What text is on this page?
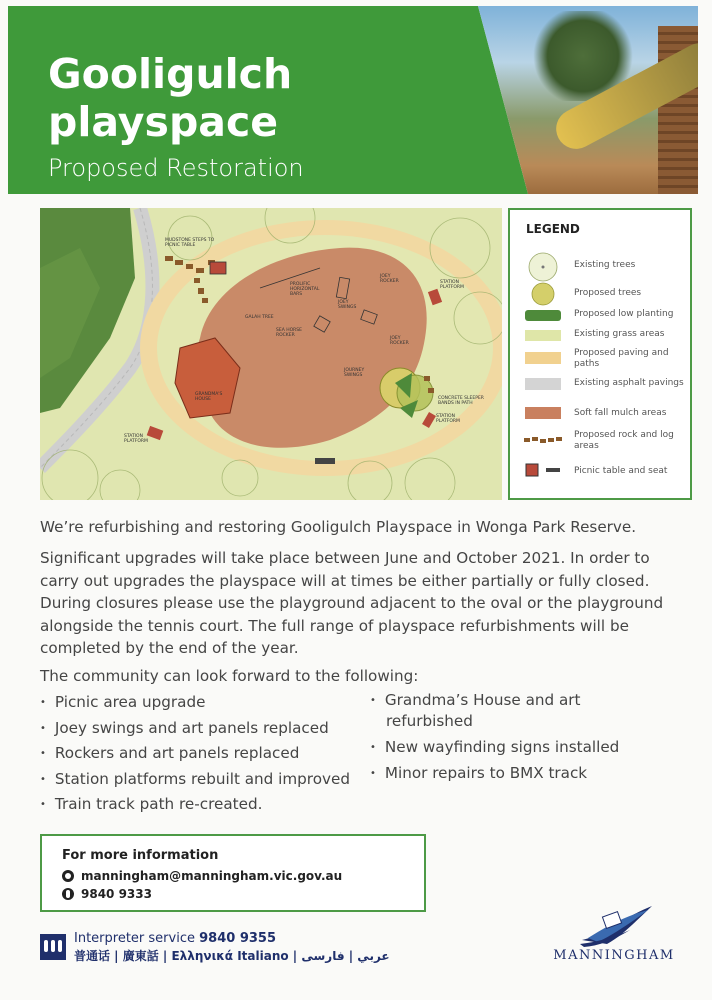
Gooligulch
playspace
Proposed Restoration
MUDSTONE STEPS TO PICNIC TABLE
PROLIFIC HORIZONTAL BARS
JOEY ROCKER	STATION PLATFORM
JOEY SWINGS
GALAH TREE
SEA HORSE ROCKER
JOEY ROCKER
JOURNEY SWINGS
GRANDMA'S HOUSE	CONCRETE SLEEPER BANDS IN PATH
STATION PLATFORM
STATION PLATFORM
LEGEND
Existing trees
Proposed trees
Proposed low planting
Existing grass areas
Proposed paving and paths
Existing asphalt pavings
Soft fall mulch areas
Proposed rock and log areas
Picnic table and seat
We’re refurbishing and restoring Gooligulch Playspace in Wonga Park Reserve.
Significant upgrades will take place between June and October 2021. In order to carry out upgrades the playspace will at times be either partially or fully closed. During closures please use the playground adjacent to the oval or the playground alongside the tennis court. The full range of playspace refurbishments will be completed by the end of the year.
The community can look forward to the following:
• Picnic area upgrade
• Joey swings and art panels replaced
• Rockers and art panels replaced
• Station platforms rebuilt and improved
• Train track path re-created.
• Grandma’s House and art
refurbished
• New wayfinding signs installed
• Minor repairs to BMX track
For more information
manningham@manningham.vic.gov.au
9840 9333
Interpreter service 9840 9355
普通话 | 廣東話 | Ελληνικά Italiano | عربي | فارسی	MANNINGHAM
